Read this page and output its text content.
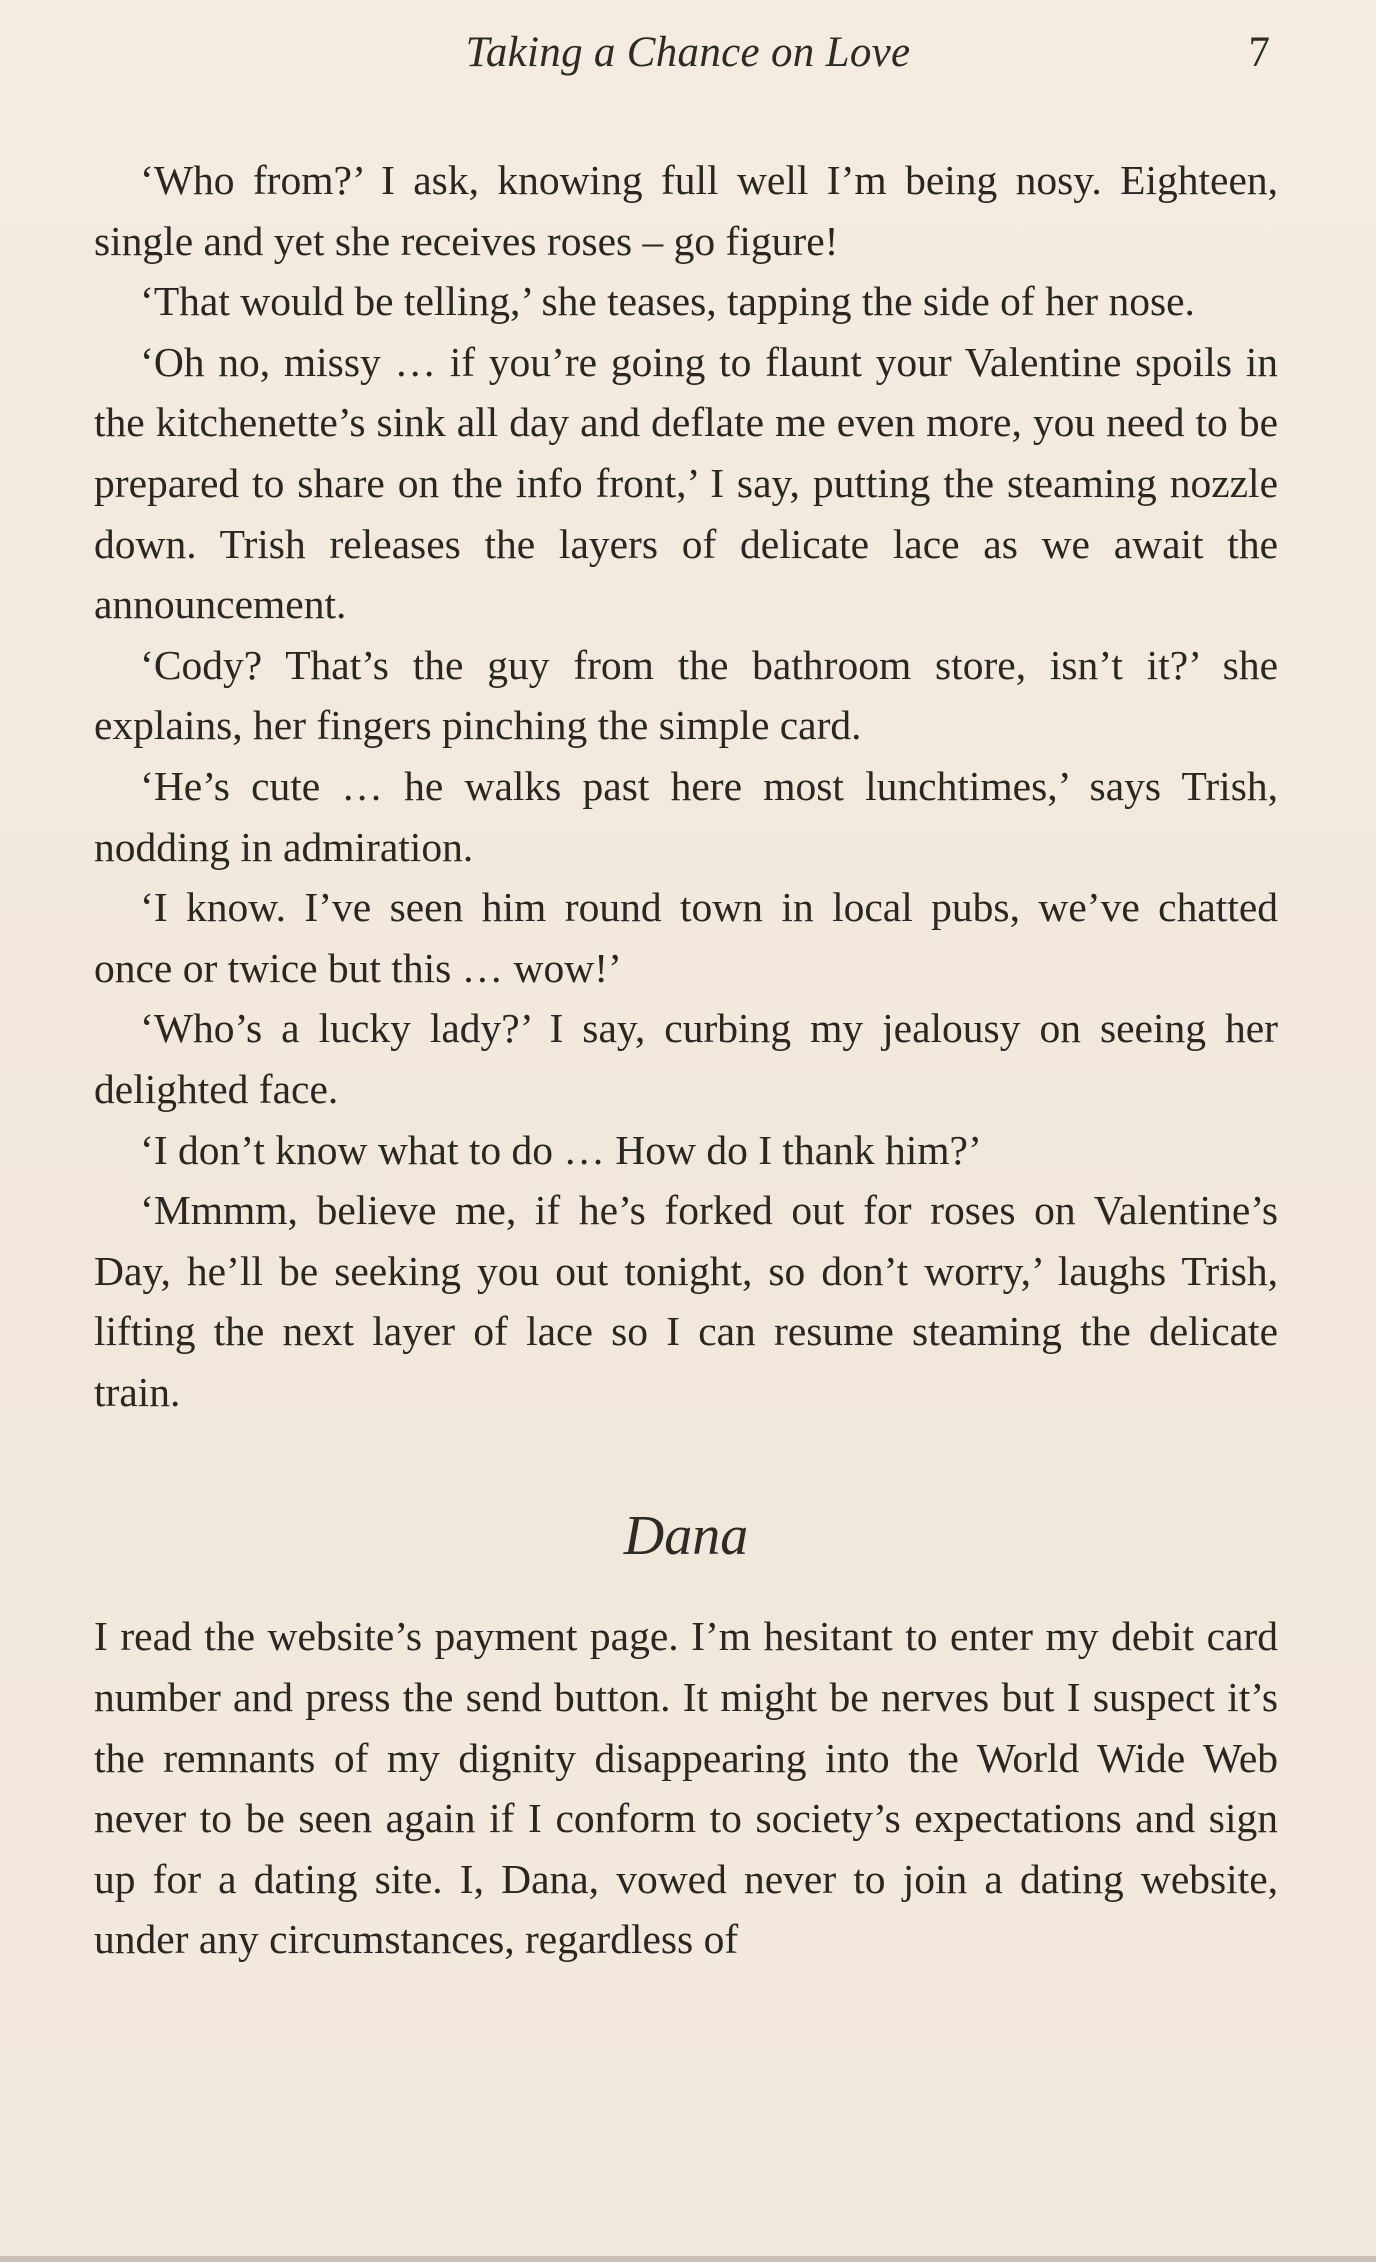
Taking a Chance on Love	7

‘Who from?’ I ask, knowing full well I’m being nosy. Eighteen, single and yet she receives roses – go figure!

‘That would be telling,’ she teases, tapping the side of her nose.

‘Oh no, missy … if you’re going to flaunt your Valentine spoils in the kitchenette’s sink all day and deflate me even more, you need to be prepared to share on the info front,’ I say, putting the steaming nozzle down. Trish releases the layers of delicate lace as we await the announcement.

‘Cody? That’s the guy from the bathroom store, isn’t it?’ she explains, her fingers pinching the simple card.

‘He’s cute … he walks past here most lunchtimes,’ says Trish, nodding in admiration.

‘I know. I’ve seen him round town in local pubs, we’ve chatted once or twice but this … wow!’

‘Who’s a lucky lady?’ I say, curbing my jealousy on seeing her delighted face.

‘I don’t know what to do … How do I thank him?’

‘Mmmm, believe me, if he’s forked out for roses on Valentine’s Day, he’ll be seeking you out tonight, so don’t worry,’ laughs Trish, lifting the next layer of lace so I can resume steaming the delicate train.

Dana

I read the website’s payment page. I’m hesitant to enter my debit card number and press the send button. It might be nerves but I suspect it’s the remnants of my dignity disappearing into the World Wide Web never to be seen again if I conform to society’s expectations and sign up for a dating site. I, Dana, vowed never to join a dating website, under any circumstances, regardless of
